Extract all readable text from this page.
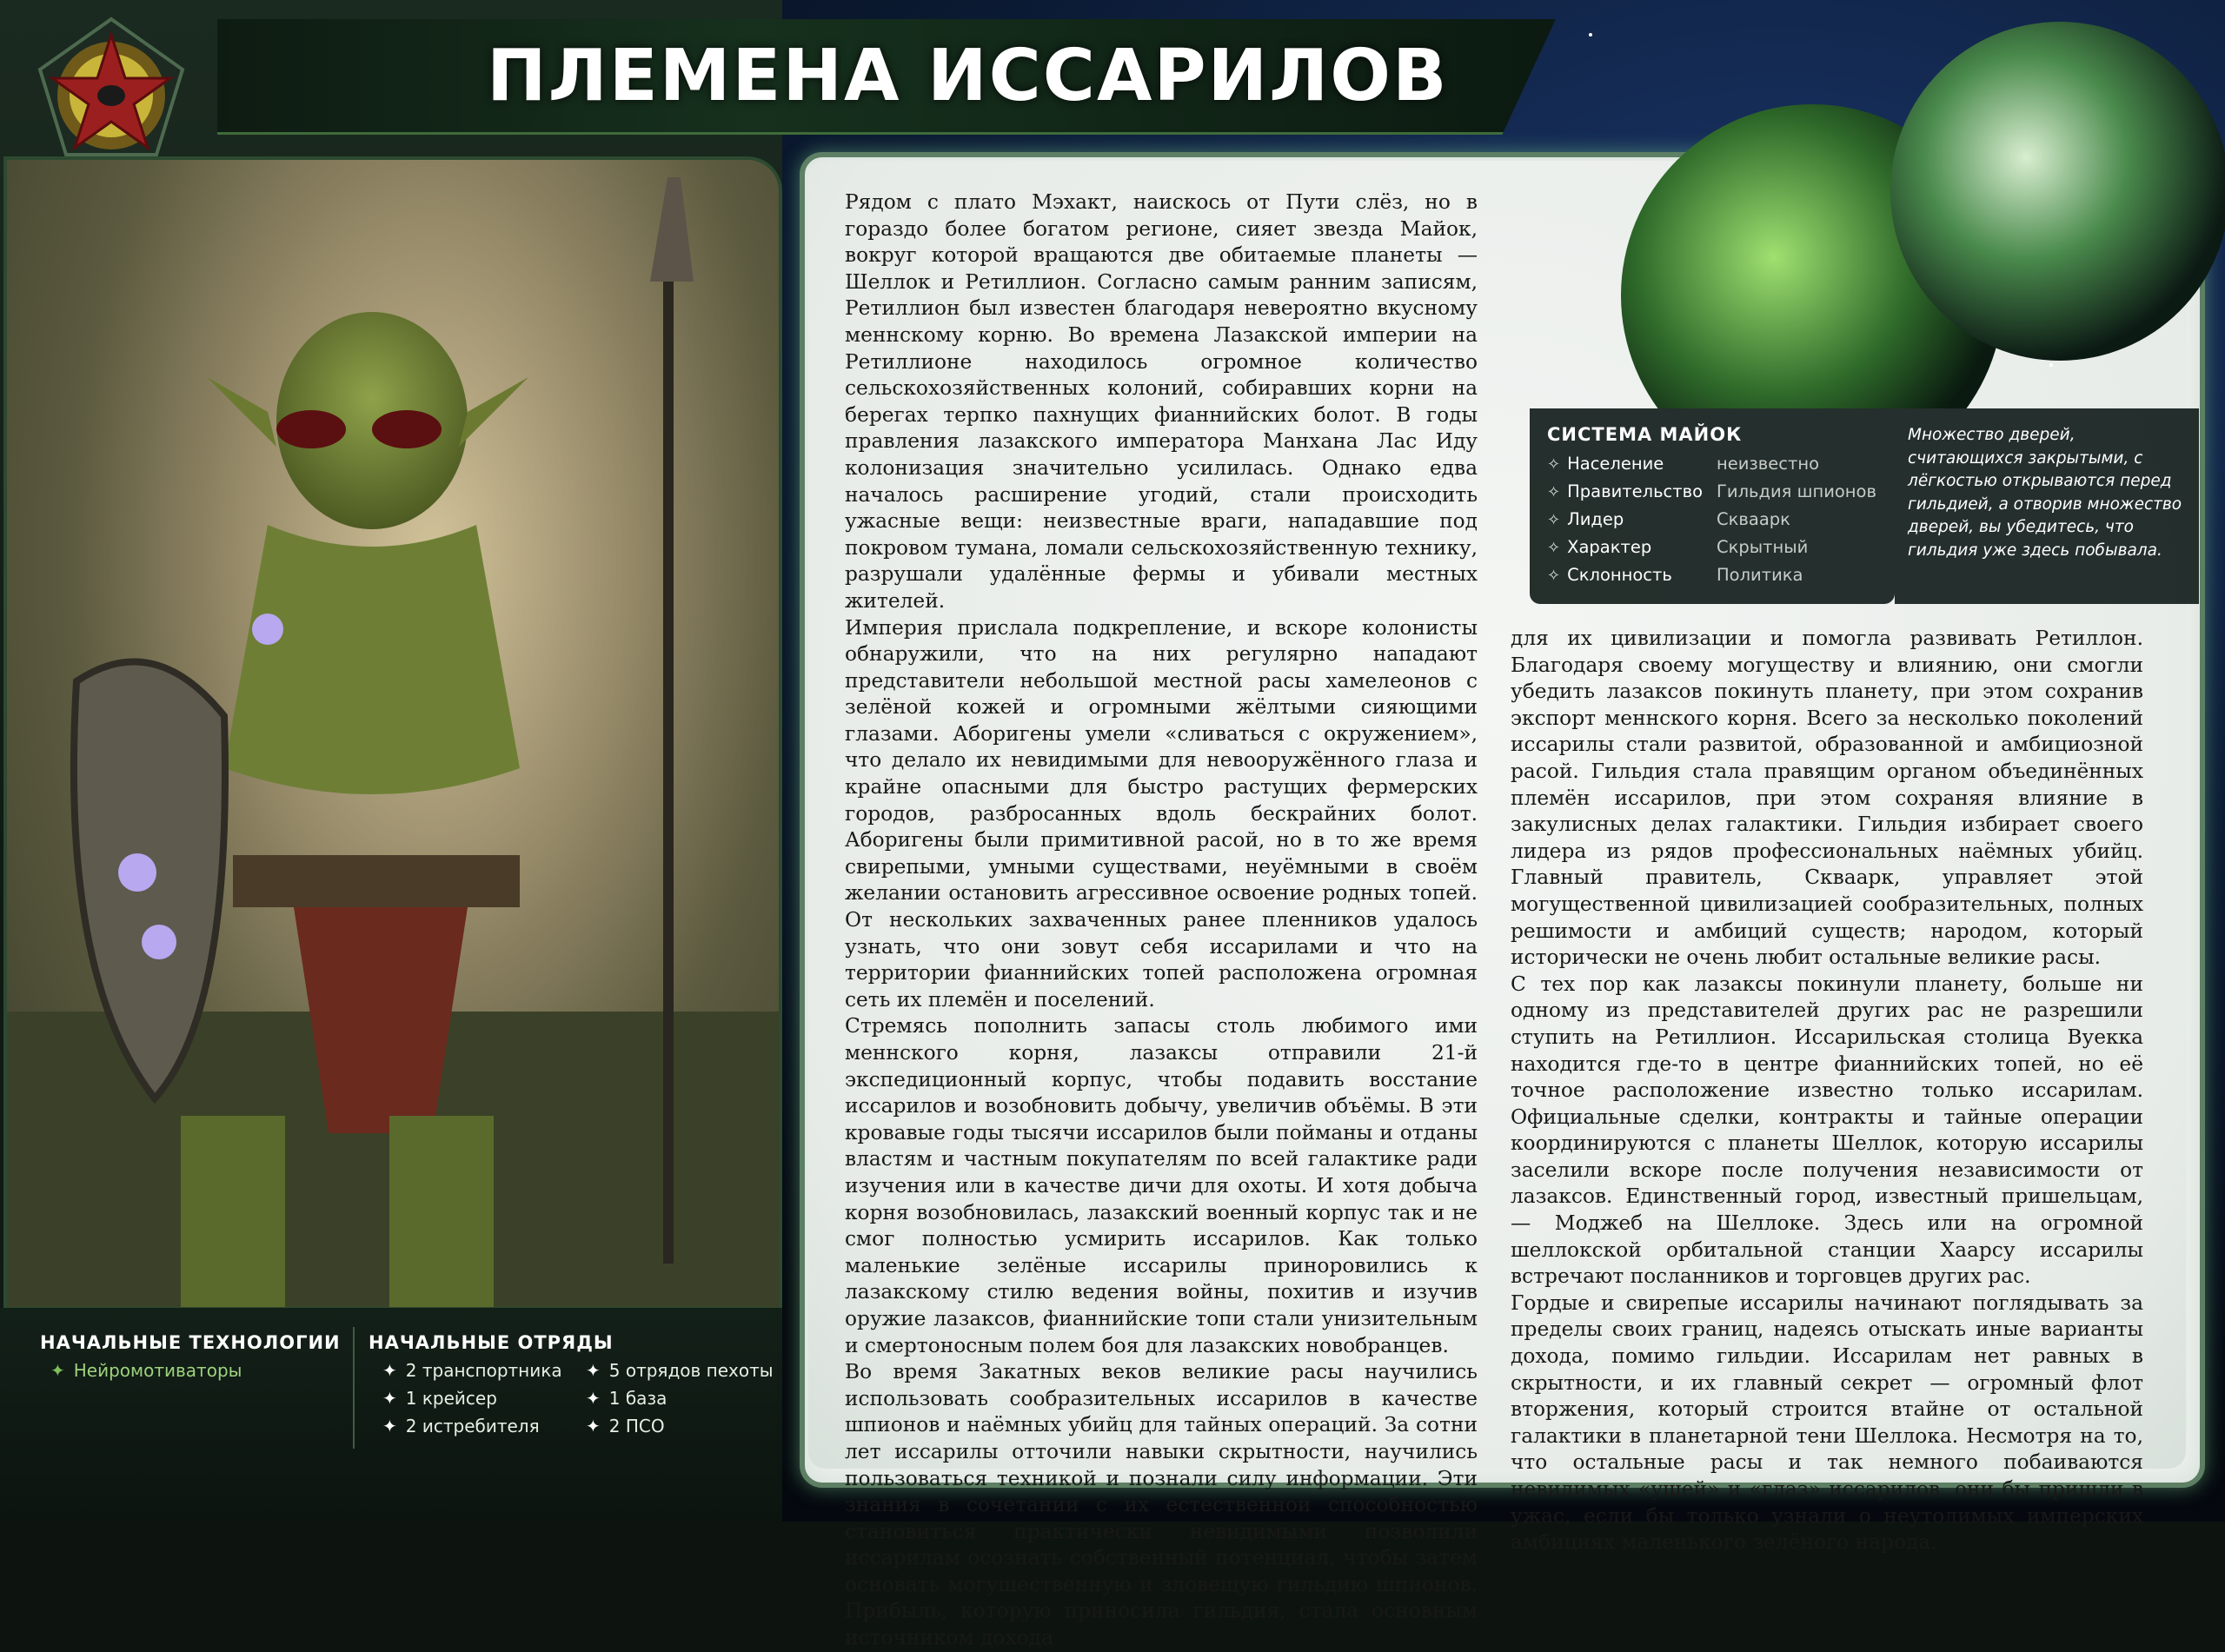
ПЛЕМЕНА ИССАРИЛОВ
НАЧАЛЬНЫЕ ТЕХНОЛОГИИ
✦ Нейромотиваторы
НАЧАЛЬНЫЕ ОТРЯДЫ
✦ 2 транспортника
✦ 1 крейсер
✦ 2 истребителя
✦ 5 отрядов пехоты
✦ 1 база
✦ 2 ПСО
Рядом с плато Мэхакт, наискось от Пути слёз, но в гораздо более богатом регионе, сияет звезда Майок, вокруг которой вращаются две обитаемые планеты — Шеллок и Ретиллион. Согласно самым ранним записям, Ретиллион был известен благодаря невероятно вкусному меннскому корню. Во времена Лазакской империи на Ретиллионе находилось огромное количество сельскохозяйственных колоний, собиравших корни на берегах терпко пахнущих фианнийских болот. В годы правления лазакского императора Манхана Лас Иду колонизация значительно усилилась. Однако едва началось расширение угодий, стали происходить ужасные вещи: неизвестные враги, нападавшие под покровом тумана, ломали сельскохозяйственную технику, разрушали удалённые фермы и убивали местных жителей.
Империя прислала подкрепление, и вскоре колонисты обнаружили, что на них регулярно нападают представители небольшой местной расы хамелеонов с зелёной кожей и огромными жёлтыми сияющими глазами. Аборигены умели «сливаться с окружением», что делало их невидимыми для невооружённого глаза и крайне опасными для быстро растущих фермерских городов, разбросанных вдоль бескрайних болот. Аборигены были примитивной расой, но в то же время свирепыми, умными существами, неуёмными в своём желании остановить агрессивное освоение родных топей. От нескольких захваченных ранее пленников удалось узнать, что они зовут себя иссарилами и что на территории фианнийских топей расположена огромная сеть их племён и поселений.
Стремясь пополнить запасы столь любимого ими меннского корня, лазаксы отправили 21-й экспедиционный корпус, чтобы подавить восстание иссарилов и возобновить добычу, увеличив объёмы. В эти кровавые годы тысячи иссарилов были пойманы и отданы властям и частным покупателям по всей галактике ради изучения или в качестве дичи для охоты. И хотя добыча корня возобновилась, лазакский военный корпус так и не смог полностью усмирить иссарилов. Как только маленькие зелёные иссарилы приноровились к лазакскому стилю ведения войны, похитив и изучив оружие лазаксов, фианнийские топи стали унизительным и смертоносным полем боя для лазакских новобранцев.
Во время Закатных веков великие расы научились использовать сообразительных иссарилов в качестве шпионов и наёмных убийц для тайных операций. За сотни лет иссарилы отточили навыки скрытности, научились пользоваться техникой и познали силу информации. Эти знания в сочетании с их естественной способностью становиться практически невидимыми позволили иссарилам осознать собственный потенциал, чтобы затем основать могущественную и зловещую гильдию шпионов. Прибыль, которую приносила гильдия, стала основным источником дохода
для их цивилизации и помогла развивать Ретиллон. Благодаря своему могуществу и влиянию, они смогли убедить лазаксов покинуть планету, при этом сохранив экспорт меннского корня. Всего за несколько поколений иссарилы стали развитой, образованной и амбициозной расой. Гильдия стала правящим органом объединённых племён иссарилов, при этом сохраняя влияние в закулисных делах галактики. Гильдия избирает своего лидера из рядов профессиональных наёмных убийц. Главный правитель, Скваарк, управляет этой могущественной цивилизацией сообразительных, полных решимости и амбиций существ; народом, который исторически не очень любит остальные великие расы.
С тех пор как лазаксы покинули планету, больше ни одному из представителей других рас не разрешили ступить на Ретиллион. Иссарильская столица Вуекка находится где-то в центре фианнийских топей, но её точное расположение известно только иссарилам. Официальные сделки, контракты и тайные операции координируются с планеты Шеллок, которую иссарилы заселили вскоре после получения независимости от лазаксов. Единственный город, известный пришельцам, — Моджеб на Шеллоке. Здесь или на огромной шеллокской орбитальной станции Хаарсу иссарилы встречают посланников и торговцев других рас.
Гордые и свирепые иссарилы начинают поглядывать за пределы своих границ, надеясь отыскать иные варианты дохода, помимо гильдии. Иссарилам нет равных в скрытности, и их главный секрет — огромный флот вторжения, который строится втайне от остальной галактики в планетарной тени Шеллока. Несмотря на то, что остальные расы и так немного побаиваются невидимых «ушей» и «глаз» иссарилов, они бы пришли в ужас, если бы только узнали о неутолимых имперских амбициях маленького зелёного народа.
СИСТЕМА МАЙОК
✧ Население	неизвестно
✧ Правительство Гильдия шпионов
✧ Лидер	Скваарк
✧ Характер	Скрытный
✧ Склонность	Политика
Множество дверей, считающихся закрытыми, с лёгкостью открываются перед гильдией, а отворив множество дверей, вы убедитесь, что гильдия уже здесь побывала.
